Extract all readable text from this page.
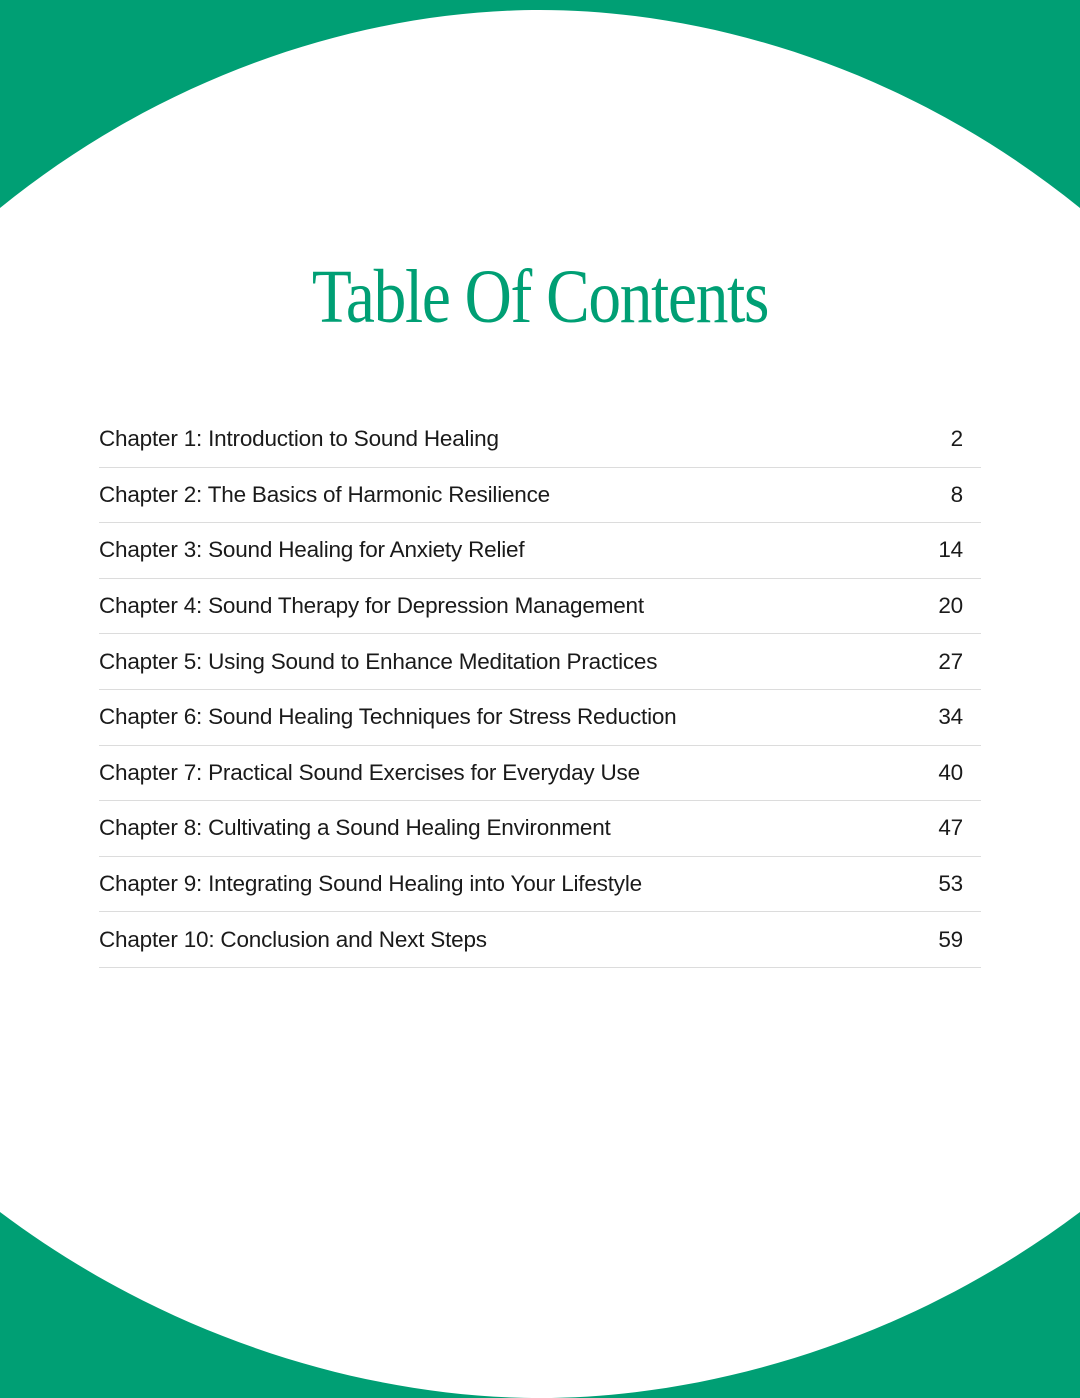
Table Of Contents
Chapter 1: Introduction to Sound Healing	2
Chapter 2: The Basics of Harmonic Resilience	8
Chapter 3: Sound Healing for Anxiety Relief	14
Chapter 4: Sound Therapy for Depression Management	20
Chapter 5: Using Sound to Enhance Meditation Practices	27
Chapter 6: Sound Healing Techniques for Stress Reduction	34
Chapter 7: Practical Sound Exercises for Everyday Use	40
Chapter 8: Cultivating a Sound Healing Environment	47
Chapter 9: Integrating Sound Healing into Your Lifestyle	53
Chapter 10: Conclusion and Next Steps	59
